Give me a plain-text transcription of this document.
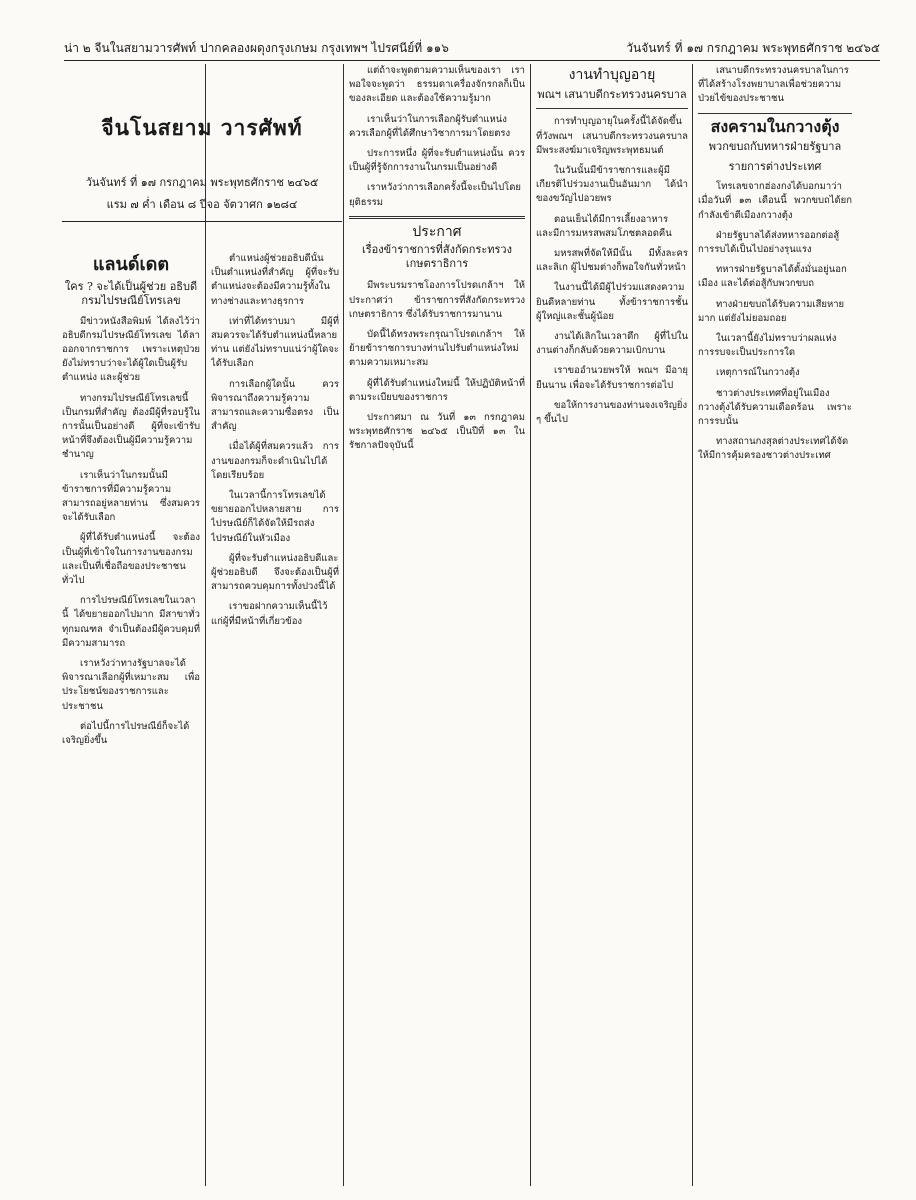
น่า ๒ จีนในสยามวารศัพท์ ปากคลองผดุงกรุงเกษม กรุงเทพฯ ไปรศนีย์ที่ ๑๑๖	วันจันทร์ ที่ ๑๗ กรกฎาคม พระพุทธศักราช ๒๔๖๕
จีนโนสยาม วารศัพท์
วันจันทร์ ที่ ๑๗ กรกฎาคม พระพุทธศักราช ๒๔๖๕
แรม ๗ ค่ำ เดือน ๘ ปีจอ จัตวาศก ๑๒๘๔
แลนด์เดต
ใคร ? จะได้เป็นผู้ช่วย อธิบดีกรมไปรษณีย์โทรเลข

มีข่าวหนังสือพิมพ์ ได้ลงไว้ว่า อธิบดีกรมไปรษณีย์โทรเลข ได้ลาออกจากราชการ เพราะเหตุป่วย ยังไม่ทราบว่าจะได้ผู้ใดเป็นผู้รับตำแหน่ง และผู้ช่วย

ทางกรมไปรษณีย์โทรเลขนี้ เป็นกรมที่สำคัญ ต้องมีผู้ที่รอบรู้ในการนั้นเป็นอย่างดี ผู้ที่จะเข้ารับหน้าที่จึงต้องเป็นผู้มีความรู้ความชำนาญ

เราเห็นว่าในกรมนั้นมีข้าราชการที่มีความรู้ความสามารถอยู่หลายท่าน ซึ่งสมควรจะได้รับเลือก

ผู้ที่ได้รับตำแหน่งนี้ จะต้องเป็นผู้ที่เข้าใจในการงานของกรม และเป็นที่เชื่อถือของประชาชนทั่วไป

การไปรษณีย์โทรเลขในเวลานี้ ได้ขยายออกไปมาก มีสาขาทั่วทุกมณฑล จำเป็นต้องมีผู้ควบคุมที่มีความสามารถ

เราหวังว่าทางรัฐบาลจะได้พิจารณาเลือกผู้ที่เหมาะสม เพื่อประโยชน์ของราชการและประชาชน

ต่อไปนี้การไปรษณีย์ก็จะได้เจริญยิ่งขึ้น

ตำแหน่งผู้ช่วยอธิบดีนั้น เป็นตำแหน่งที่สำคัญ ผู้ที่จะรับตำแหน่งจะต้องมีความรู้ทั้งในทางช่างและทางธุรการ

เท่าที่ได้ทราบมา มีผู้ที่สมควรจะได้รับตำแหน่งนี้หลายท่าน แต่ยังไม่ทราบแน่ว่าผู้ใดจะได้รับเลือก

การเลือกผู้ใดนั้น ควรพิจารณาถึงความรู้ความสามารถและความซื่อตรง เป็นสำคัญ

เมื่อได้ผู้ที่สมควรแล้ว การงานของกรมก็จะดำเนินไปได้โดยเรียบร้อย

ในเวลานี้การโทรเลขได้ขยายออกไปหลายสาย การไปรษณีย์ก็ได้จัดให้มีรถส่งไปรษณีย์ในหัวเมือง

ผู้ที่จะรับตำแหน่งอธิบดีและผู้ช่วยอธิบดี จึงจะต้องเป็นผู้ที่สามารถควบคุมการทั้งปวงนี้ได้

เราขอฝากความเห็นนี้ไว้แก่ผู้ที่มีหน้าที่เกี่ยวข้อง

แต่ถ้าจะพูดตามความเห็นของเรา เราพอใจจะพูดว่า ธรรมดาเครื่องจักรกลก็เป็นของละเอียด และต้องใช้ความรู้มาก

เราเห็นว่าในการเลือกผู้รับตำแหน่ง ควรเลือกผู้ที่ได้ศึกษาวิชาการมาโดยตรง

ประการหนึ่ง ผู้ที่จะรับตำแหน่งนั้น ควรเป็นผู้ที่รู้จักการงานในกรมเป็นอย่างดี

เราหวังว่าการเลือกครั้งนี้จะเป็นไปโดยยุติธรรม

ประกาศ
เรื่องข้าราชการที่สังกัดกระทรวงเกษตราธิการ

มีพระบรมราชโองการโปรดเกล้าฯ ให้ประกาศว่า ข้าราชการที่สังกัดกระทรวงเกษตราธิการ ซึ่งได้รับราชการมานาน

บัดนี้ได้ทรงพระกรุณาโปรดเกล้าฯ ให้ย้ายข้าราชการบางท่านไปรับตำแหน่งใหม่ ตามความเหมาะสม

ผู้ที่ได้รับตำแหน่งใหม่นี้ ให้ปฏิบัติหน้าที่ตามระเบียบของราชการ

ประกาศมา ณ วันที่ ๑๓ กรกฎาคม พระพุทธศักราช ๒๔๖๕ เป็นปีที่ ๑๓ ในรัชกาลปัจจุบันนี้

งานทำบุญอายุ
พณฯ เสนาบดีกระทรวงนครบาล

การทำบุญอายุในครั้งนี้ได้จัดขึ้นที่วังพณฯ เสนาบดีกระทรวงนครบาล มีพระสงฆ์มาเจริญพระพุทธมนต์

ในวันนั้นมีข้าราชการและผู้มีเกียรติไปร่วมงานเป็นอันมาก ได้นำของขวัญไปอวยพร

ตอนเย็นได้มีการเลี้ยงอาหาร และมีการมหรสพสมโภชตลอดคืน

มหรสพที่จัดให้มีนั้น มีทั้งละครและลิเก ผู้ไปชมต่างก็พอใจกันทั่วหน้า

ในงานนี้ได้มีผู้ไปร่วมแสดงความยินดีหลายท่าน ทั้งข้าราชการชั้นผู้ใหญ่และชั้นผู้น้อย

งานได้เลิกในเวลาดึก ผู้ที่ไปในงานต่างก็กลับด้วยความเบิกบาน

เราขออำนวยพรให้ พณฯ มีอายุยืนนาน เพื่อจะได้รับราชการต่อไป

ขอให้การงานของท่านจงเจริญยิ่ง ๆ ขึ้นไป

เสนาบดีกระทรวงนครบาลในการที่ได้สร้างโรงพยาบาลเพื่อช่วยความป่วยไข้ของประชาชน

สงครามในกวางตุ้ง
พวกขบถกับทหารฝ่ายรัฐบาล
รายการต่างประเทศ

โทรเลขจากฮ่องกงได้บอกมาว่า เมื่อวันที่ ๑๓ เดือนนี้ พวกขบถได้ยกกำลังเข้าตีเมืองกวางตุ้ง

ฝ่ายรัฐบาลได้ส่งทหารออกต่อสู้ การรบได้เป็นไปอย่างรุนแรง

ทหารฝ่ายรัฐบาลได้ตั้งมั่นอยู่นอกเมือง และได้ต่อสู้กับพวกขบถ

ทางฝ่ายขบถได้รับความเสียหายมาก แต่ยังไม่ยอมถอย

ในเวลานี้ยังไม่ทราบว่าผลแห่งการรบจะเป็นประการใด

เหตุการณ์ในกวางตุ้ง

ชาวต่างประเทศที่อยู่ในเมืองกวางตุ้งได้รับความเดือดร้อน เพราะการรบนั้น

ทางสถานกงสุลต่างประเทศได้จัดให้มีการคุ้มครองชาวต่างประเทศ
